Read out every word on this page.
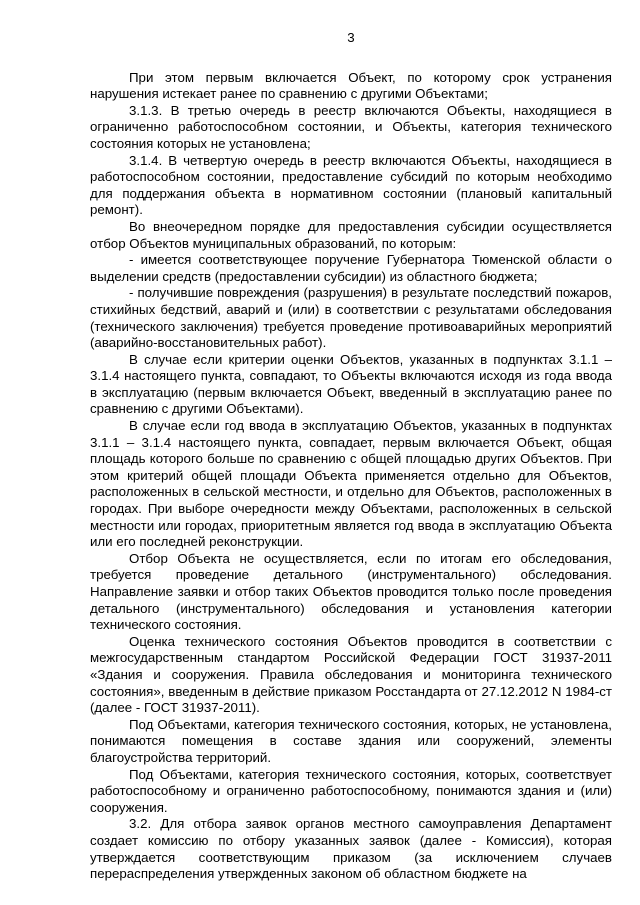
3

При этом первым включается Объект, по которому срок устранения нарушения истекает ранее по сравнению с другими Объектами;

3.1.3. В третью очередь в реестр включаются Объекты, находящиеся в ограниченно работоспособном состоянии, и Объекты, категория технического состояния которых не установлена;

3.1.4. В четвертую очередь в реестр включаются Объекты, находящиеся в работоспособном состоянии, предоставление субсидий по которым необходимо для поддержания объекта в нормативном состоянии (плановый капитальный ремонт).

Во внеочередном порядке для предоставления субсидии осуществляется отбор Объектов муниципальных образований, по которым:

- имеется соответствующее поручение Губернатора Тюменской области о выделении средств (предоставлении субсидии) из областного бюджета;

- получившие повреждения (разрушения) в результате последствий пожаров, стихийных бедствий, аварий и (или) в соответствии с результатами обследования (технического заключения) требуется проведение противоаварийных мероприятий (аварийно-восстановительных работ).

В случае если критерии оценки Объектов, указанных в подпунктах 3.1.1 – 3.1.4 настоящего пункта, совпадают, то Объекты включаются исходя из года ввода в эксплуатацию (первым включается Объект, введенный в эксплуатацию ранее по сравнению с другими Объектами).

В случае если год ввода в эксплуатацию Объектов, указанных в подпунктах 3.1.1 – 3.1.4 настоящего пункта, совпадает, первым включается Объект, общая площадь которого больше по сравнению с общей площадью других Объектов. При этом критерий общей площади Объекта применяется отдельно для Объектов, расположенных в сельской местности, и отдельно для Объектов, расположенных в городах. При выборе очередности между Объектами, расположенных в сельской местности или городах, приоритетным является год ввода в эксплуатацию Объекта или его последней реконструкции.

Отбор Объекта не осуществляется, если по итогам его обследования, требуется проведение детального (инструментального) обследования. Направление заявки и отбор таких Объектов проводится только после проведения детального (инструментального) обследования и установления категории технического состояния.

Оценка технического состояния Объектов проводится в соответствии с межгосударственным стандартом Российской Федерации ГОСТ 31937-2011 «Здания и сооружения. Правила обследования и мониторинга технического состояния», введенным в действие приказом Росстандарта от 27.12.2012 N 1984-ст (далее - ГОСТ 31937-2011).

Под Объектами, категория технического состояния, которых, не установлена, понимаются помещения в составе здания или сооружений, элементы благоустройства территорий.

Под Объектами, категория технического состояния, которых, соответствует работоспособному и ограниченно работоспособному, понимаются здания и (или) сооружения.

3.2. Для отбора заявок органов местного самоуправления Департамент создает комиссию по отбору указанных заявок (далее - Комиссия), которая утверждается соответствующим приказом (за исключением случаев перераспределения утвержденных законом об областном бюджете на
